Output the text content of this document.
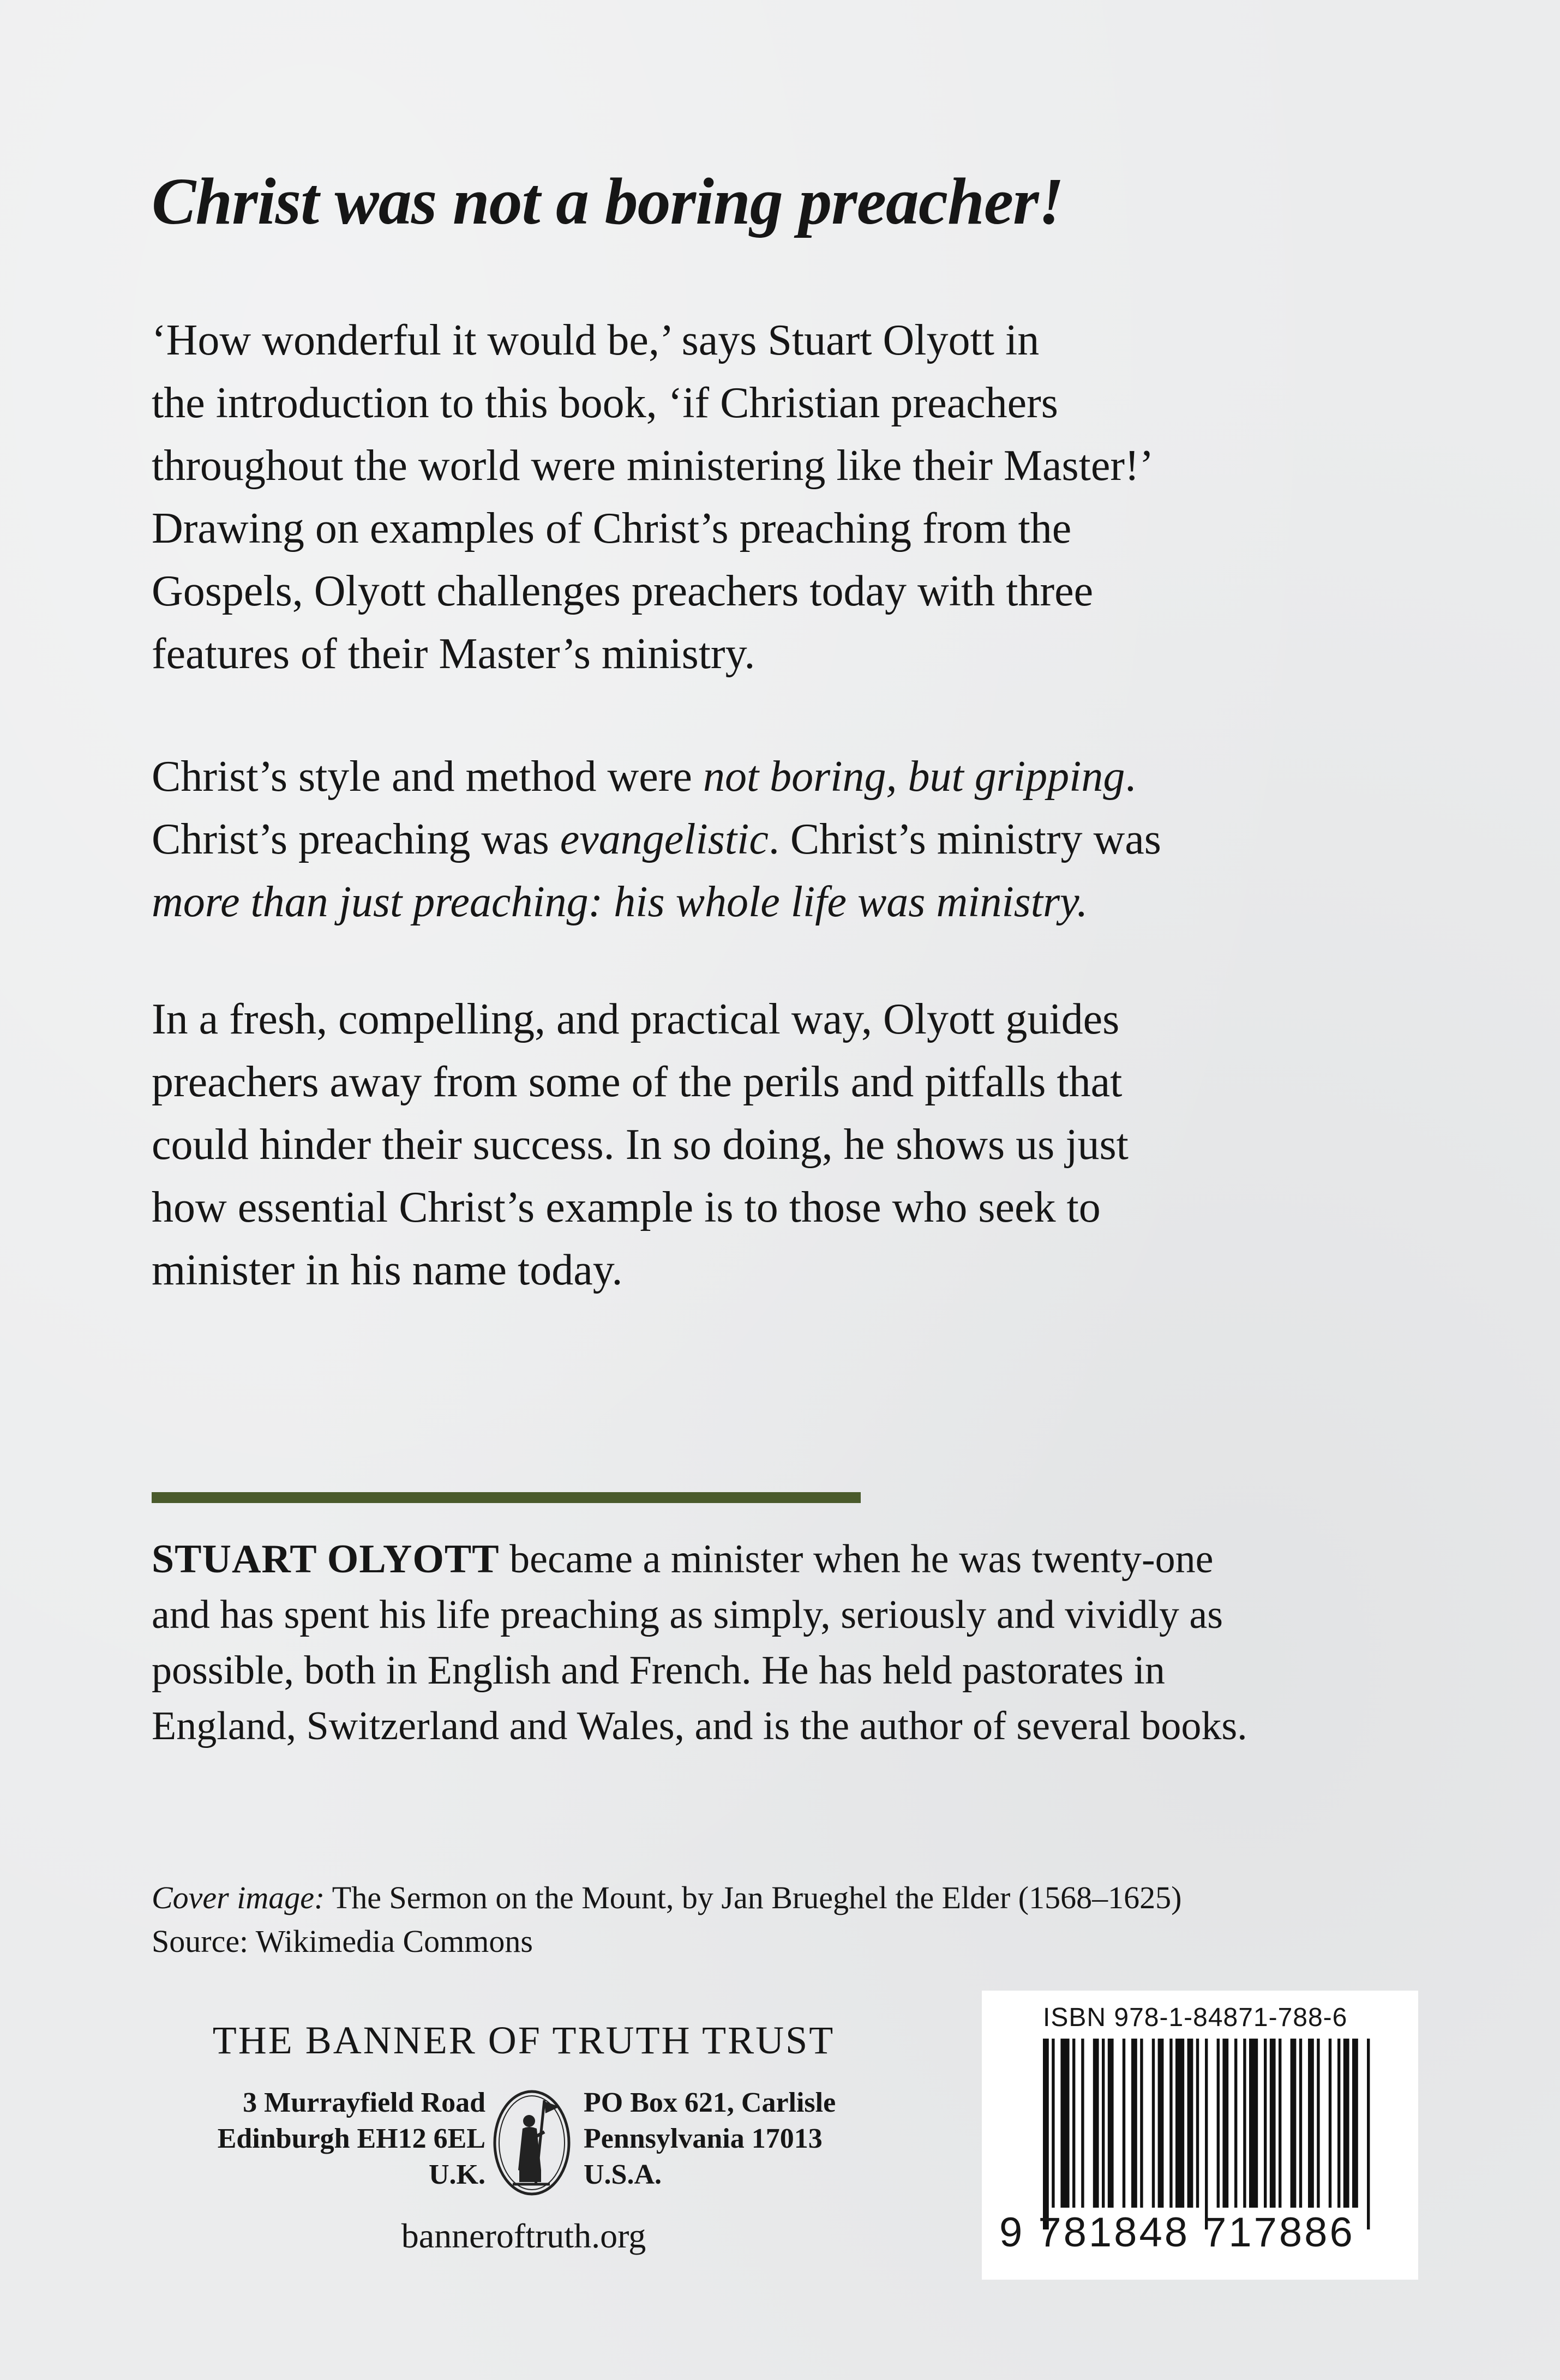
Christ was not a boring preacher!

‘How wonderful it would be,’ says Stuart Olyott in
the introduction to this book, ‘if Christian preachers
throughout the world were ministering like their Master!’
Drawing on examples of Christ’s preaching from the
Gospels, Olyott challenges preachers today with three
features of their Master’s ministry.

Christ’s style and method were not boring, but gripping.
Christ’s preaching was evangelistic. Christ’s ministry was
more than just preaching: his whole life was ministry.

In a fresh, compelling, and practical way, Olyott guides
preachers away from some of the perils and pitfalls that
could hinder their success. In so doing, he shows us just
how essential Christ’s example is to those who seek to
minister in his name today.

STUART OLYOTT became a minister when he was twenty-one
and has spent his life preaching as simply, seriously and vividly as
possible, both in English and French. He has held pastorates in
England, Switzerland and Wales, and is the author of several books.

Cover image: The Sermon on the Mount, by Jan Brueghel the Elder (1568–1625)
Source: Wikimedia Commons

THE BANNER OF TRUTH TRUST
3 Murrayfield Road
Edinburgh EH12 6EL
U.K.
PO Box 621, Carlisle
Pennsylvania 17013
U.S.A.
banneroftruth.org
ISBN 978-1-84871-788-6
9 781848 717886
